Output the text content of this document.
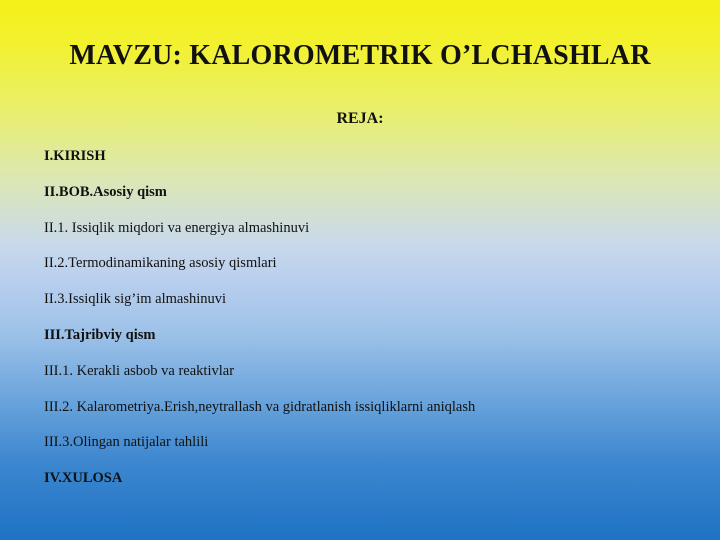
MAVZU: KALOROMETRIK O’LCHASHLAR
REJA:
I.KIRISH
II.BOB.Asosiy qism
II.1. Issiqlik miqdori va energiya almashinuvi
II.2.Termodinamikaning asosiy qismlari
II.3.Issiqlik sig’im almashinuvi
III.Tajribviy qism
III.1. Kerakli asbob va reaktivlar
III.2. Kalarometriya.Erish,neytrallash va gidratlanish issiqliklarni aniqlash
III.3.Olingan natijalar tahlili
IV.XULOSA
